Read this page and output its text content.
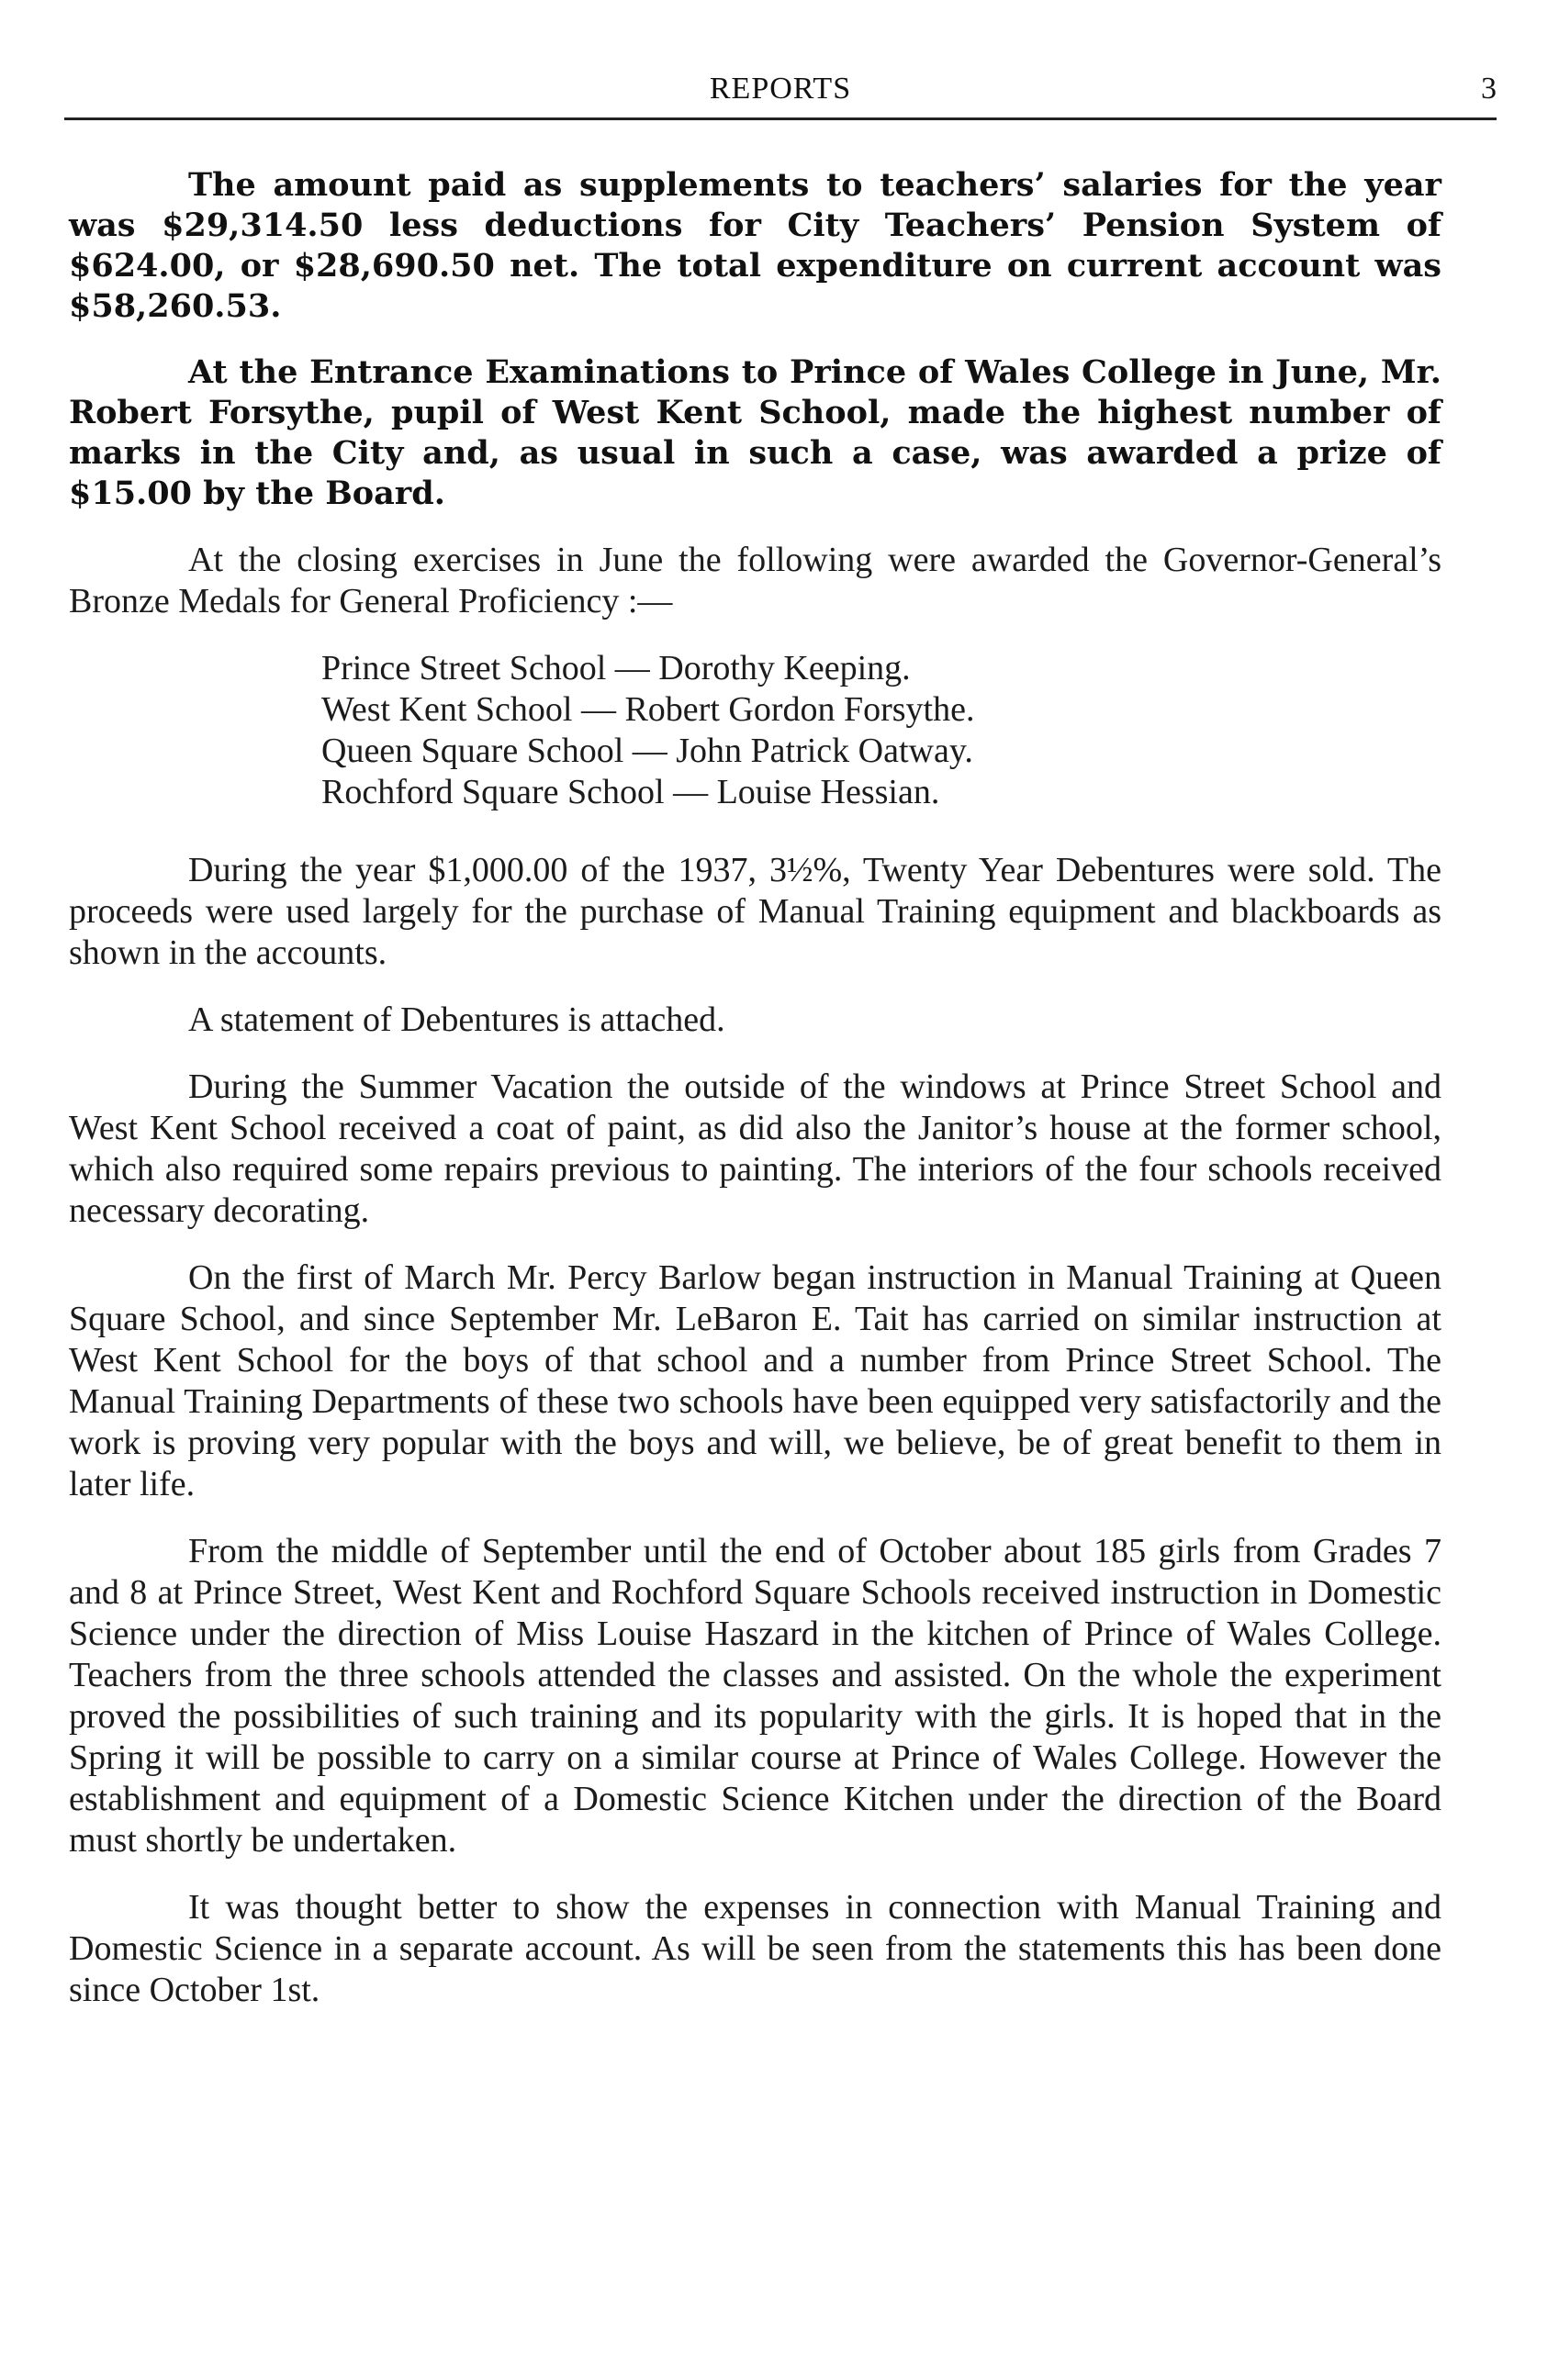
REPORTS	3

The amount paid as supplements to teachers’ salaries for the year was $29,314.50 less deductions for City Teachers’ Pension System of $624.00, or $28,690.50 net. The total expenditure on current account was $58,260.53.

At the Entrance Examinations to Prince of Wales College in June, Mr. Robert Forsythe, pupil of West Kent School, made the highest number of marks in the City and, as usual in such a case, was awarded a prize of $15.00 by the Board.

At the closing exercises in June the following were awarded the Governor-General’s Bronze Medals for General Proficiency :—

Prince Street School — Dorothy Keeping.
West Kent School — Robert Gordon Forsythe.
Queen Square School — John Patrick Oatway.
Rochford Square School — Louise Hessian.

During the year $1,000.00 of the 1937, 3½%, Twenty Year Debentures were sold. The proceeds were used largely for the purchase of Manual Training equipment and blackboards as shown in the accounts.

A statement of Debentures is attached.

During the Summer Vacation the outside of the windows at Prince Street School and West Kent School received a coat of paint, as did also the Janitor’s house at the former school, which also required some repairs previous to painting. The interiors of the four schools received necessary decorating.

On the first of March Mr. Percy Barlow began instruction in Manual Training at Queen Square School, and since September Mr. LeBaron E. Tait has carried on similar instruction at West Kent School for the boys of that school and a number from Prince Street School. The Manual Training Departments of these two schools have been equipped very satisfactorily and the work is proving very popular with the boys and will, we believe, be of great benefit to them in later life.

From the middle of September until the end of October about 185 girls from Grades 7 and 8 at Prince Street, West Kent and Rochford Square Schools received instruction in Domestic Science under the direction of Miss Louise Haszard in the kitchen of Prince of Wales College. Teachers from the three schools attended the classes and assisted. On the whole the experiment proved the possibilities of such training and its popularity with the girls. It is hoped that in the Spring it will be possible to carry on a similar course at Prince of Wales College. However the establishment and equipment of a Domestic Science Kitchen under the direction of the Board must shortly be undertaken.

It was thought better to show the expenses in connection with Manual Training and Domestic Science in a separate account. As will be seen from the statements this has been done since October 1st.
